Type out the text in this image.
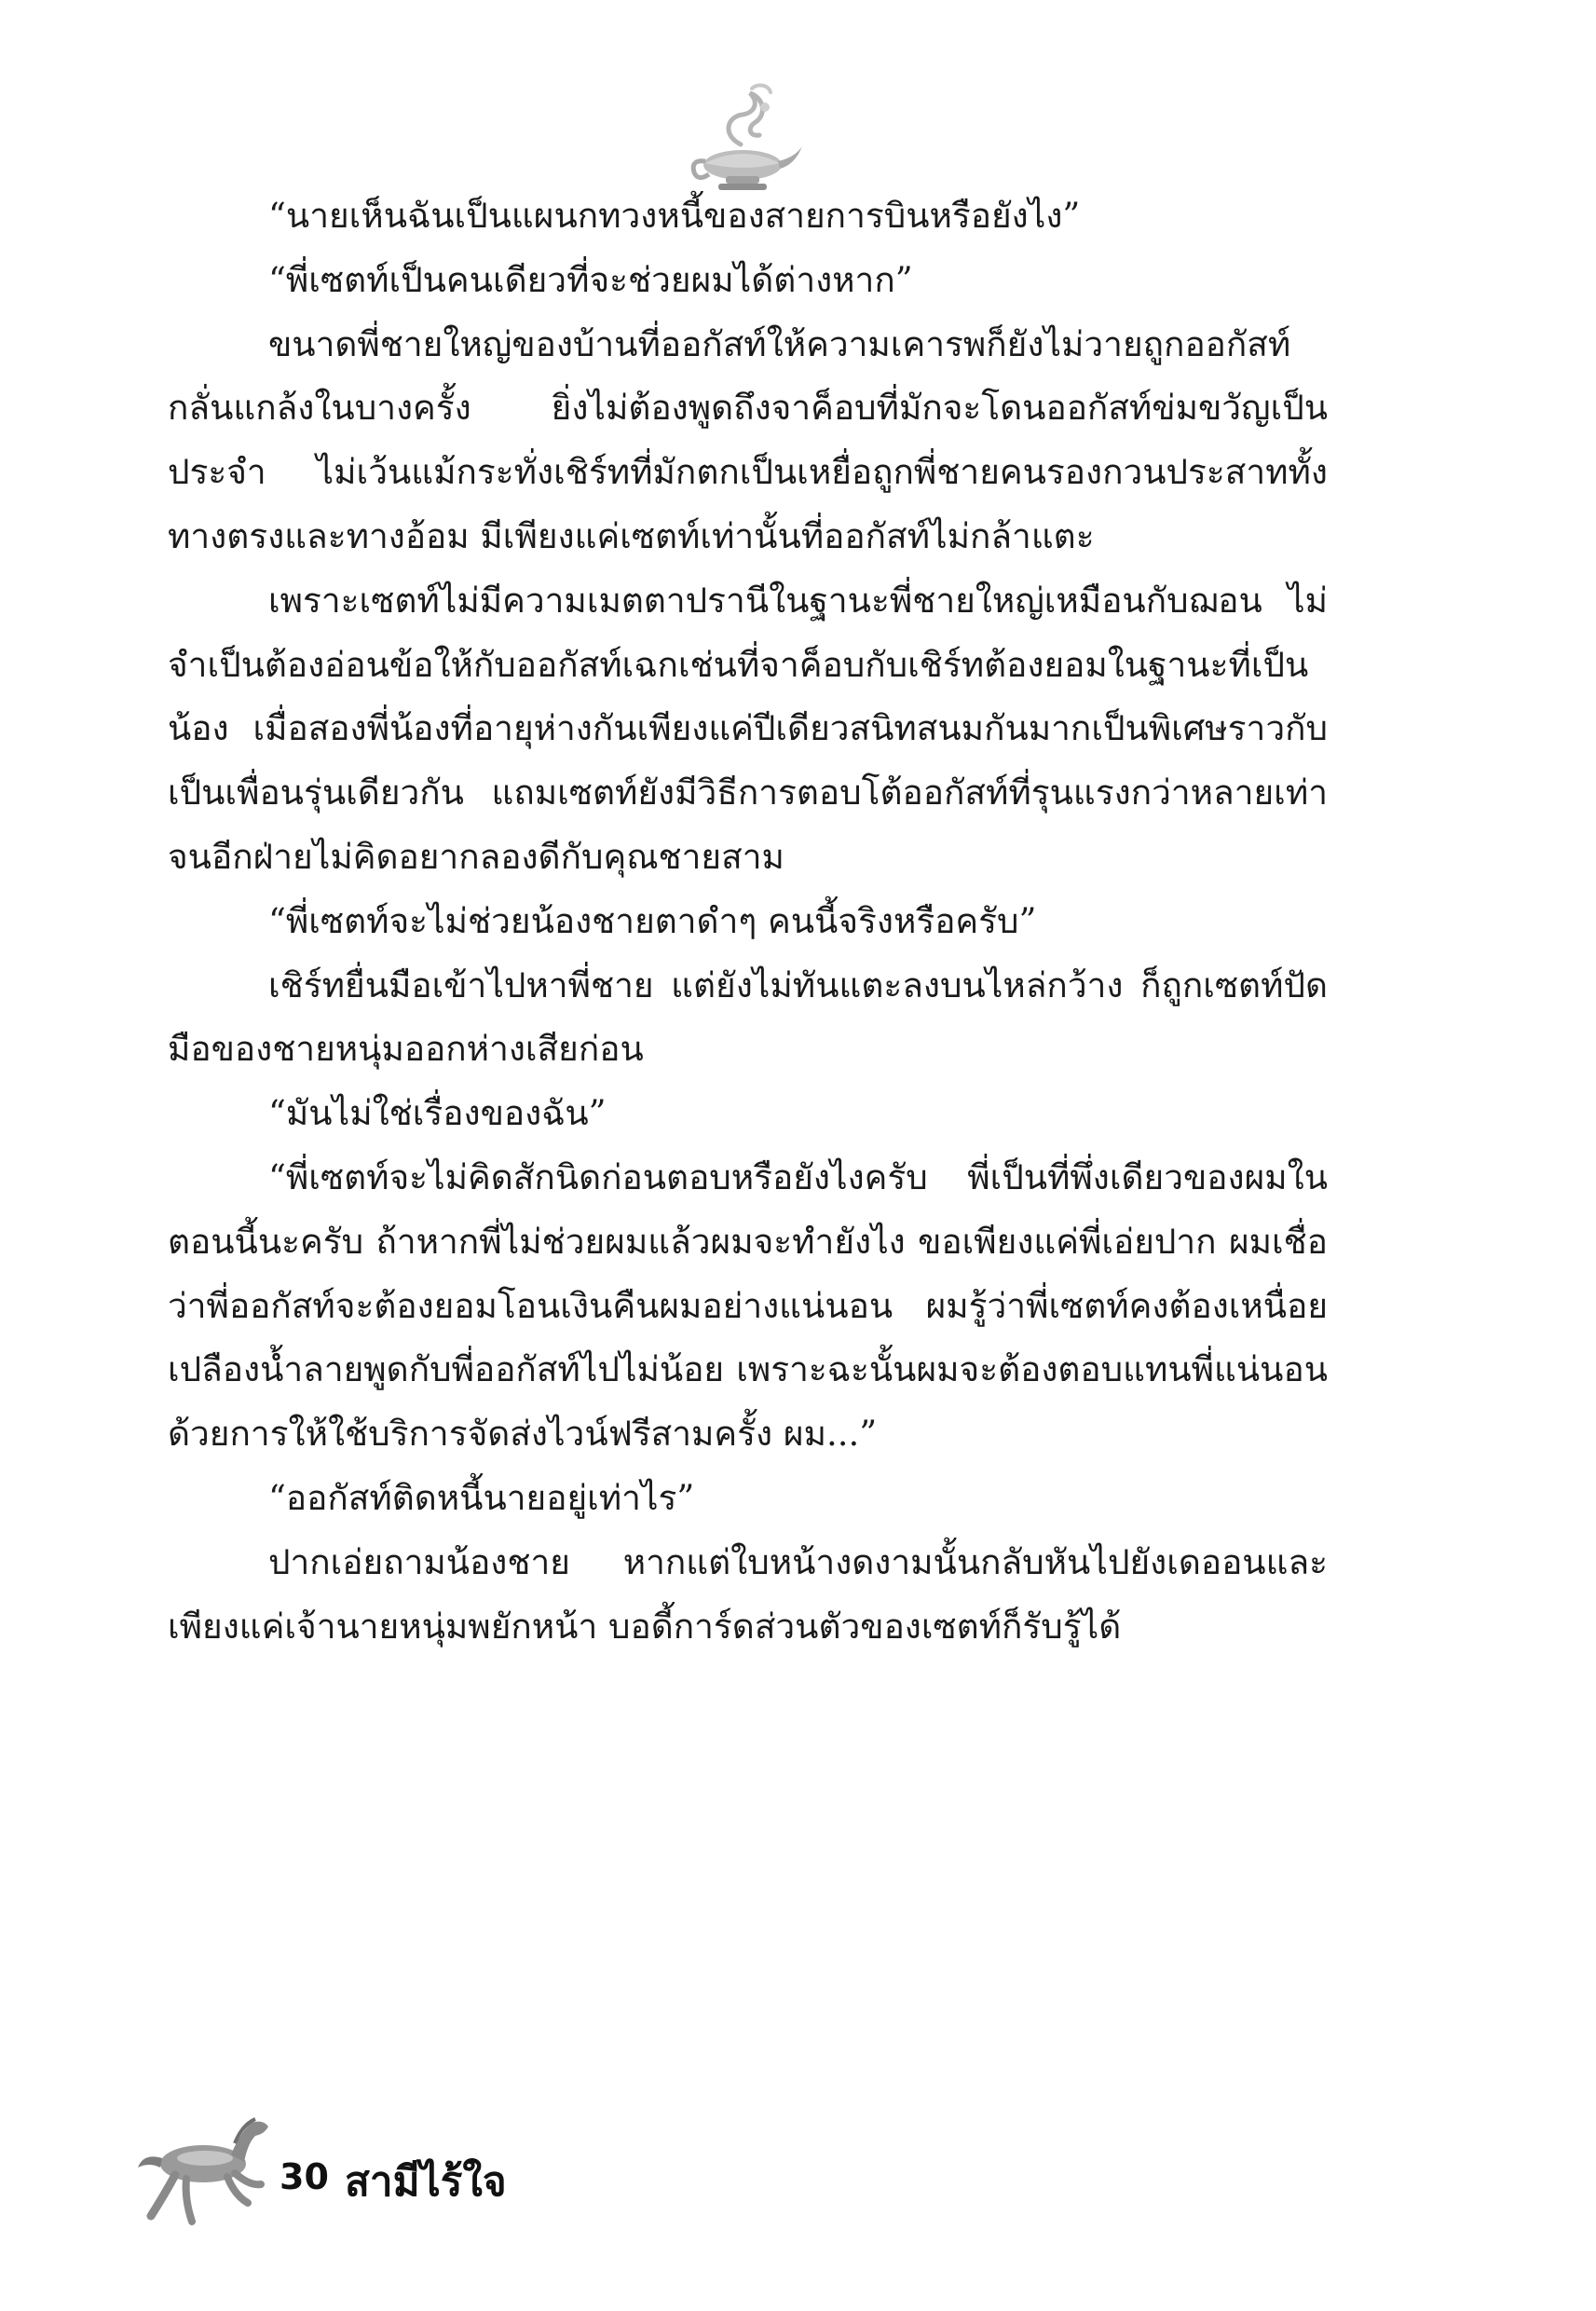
“นายเห็นฉันเป็นแผนกทวงหนี้ของสายการบินหรือยังไง”

“พี่เซตท์เป็นคนเดียวที่จะช่วยผมได้ต่างหาก”

ขนาดพี่ชายใหญ่ของบ้านที่ออกัสท์ให้ความเคารพก็ยังไม่วายถูกออกัสท์กลั่นแกล้งในบางครั้ง ยิ่งไม่ต้องพูดถึงจาค็อบที่มักจะโดนออกัสท์ข่มขวัญเป็นประจำ ไม่เว้นแม้กระทั่งเชิร์ทที่มักตกเป็นเหยื่อถูกพี่ชายคนรองกวนประสาททั้งทางตรงและทางอ้อม มีเพียงแค่เซตท์เท่านั้นที่ออกัสท์ไม่กล้าแตะ

เพราะเซตท์ไม่มีความเมตตาปรานีในฐานะพี่ชายใหญ่เหมือนกับฌอน ไม่จำเป็นต้องอ่อนข้อให้กับออกัสท์เฉกเช่นที่จาค็อบกับเชิร์ทต้องยอมในฐานะที่เป็นน้อง เมื่อสองพี่น้องที่อายุห่างกันเพียงแค่ปีเดียวสนิทสนมกันมากเป็นพิเศษราวกับเป็นเพื่อนรุ่นเดียวกัน แถมเซตท์ยังมีวิธีการตอบโต้ออกัสท์ที่รุนแรงกว่าหลายเท่า จนอีกฝ่ายไม่คิดอยากลองดีกับคุณชายสาม

“พี่เซตท์จะไม่ช่วยน้องชายตาดำๆ คนนี้จริงหรือครับ”

เชิร์ทยื่นมือเข้าไปหาพี่ชาย แต่ยังไม่ทันแตะลงบนไหล่กว้าง ก็ถูกเซตท์ปัดมือของชายหนุ่มออกห่างเสียก่อน

“มันไม่ใช่เรื่องของฉัน”

“พี่เซตท์จะไม่คิดสักนิดก่อนตอบหรือยังไงครับ พี่เป็นที่พึ่งเดียวของผมในตอนนี้นะครับ ถ้าหากพี่ไม่ช่วยผมแล้วผมจะทำยังไง ขอเพียงแค่พี่เอ่ยปาก ผมเชื่อว่าพี่ออกัสท์จะต้องยอมโอนเงินคืนผมอย่างแน่นอน ผมรู้ว่าพี่เซตท์คงต้องเหนื่อยเปลืองน้ำลายพูดกับพี่ออกัสท์ไปไม่น้อย เพราะฉะนั้นผมจะต้องตอบแทนพี่แน่นอนด้วยการให้ใช้บริการจัดส่งไวน์ฟรีสามครั้ง ผม...”

“ออกัสท์ติดหนี้นายอยู่เท่าไร”

ปากเอ่ยถามน้องชาย หากแต่ใบหน้างดงามนั้นกลับหันไปยังเดออนและเพียงแค่เจ้านายหนุ่มพยักหน้า บอดี้การ์ดส่วนตัวของเซตท์ก็รับรู้ได้

30 สามีไร้ใจ
